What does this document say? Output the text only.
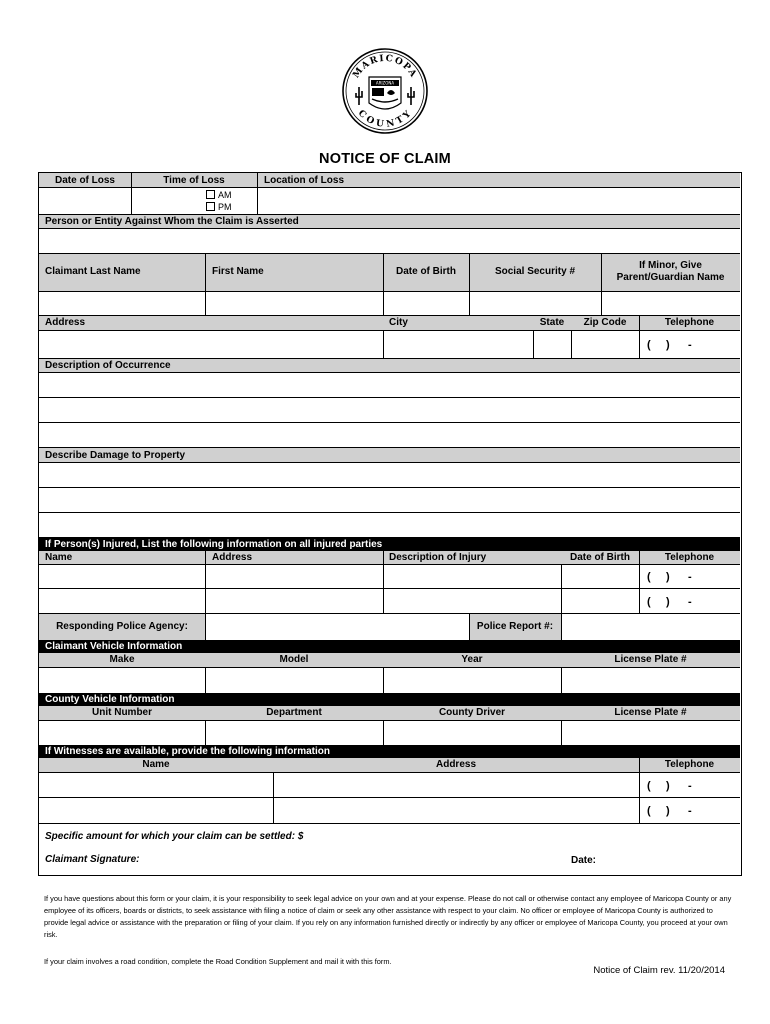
MARICOPA
COUNTY
ARIZONA
NOTICE OF CLAIM
Date of Loss	Time of Loss	Location of Loss
AM
PM
Person or Entity Against Whom the Claim is Asserted
Claimant Last Name	First Name	Date of Birth	Social Security #
If Minor, Give
Parent/Guardian Name
Address	City	State	Zip Code	Telephone
(     )      -
Description of Occurrence
Describe Damage to Property
If Person(s) Injured, List the following information on all injured parties
Name	Address	Description of Injury	Date of Birth	Telephone
(     )      -
(     )      -
Responding Police Agency:	Police Report #:
Claimant Vehicle Information
Make	Model	Year	License Plate #
County Vehicle Information
Unit Number	Department	County Driver	License Plate #
If Witnesses are available, provide the following information
Name	Address	Telephone
(     )      -
(     )      -
Specific amount for which your claim can be settled: $
Claimant Signature:	Date:
If you have questions about this form or your claim, it is your responsibility to seek legal advice on your own and at your expense. Please do not call or otherwise contact any employee of Maricopa County or any employee of its officers, boards or districts, to seek assistance with filing a notice of claim or seek any other assistance with respect to your claim. No officer or employee of Maricopa County is authorized to provide legal advice or assistance with the preparation or filing of your claim. If you rely on any information furnished directly or indirectly by any officer or employee of Maricopa County, you proceed at your own risk.
If your claim involves a road condition, complete the Road Condition Supplement and mail it with this form.
Notice of Claim rev. 11/20/2014
